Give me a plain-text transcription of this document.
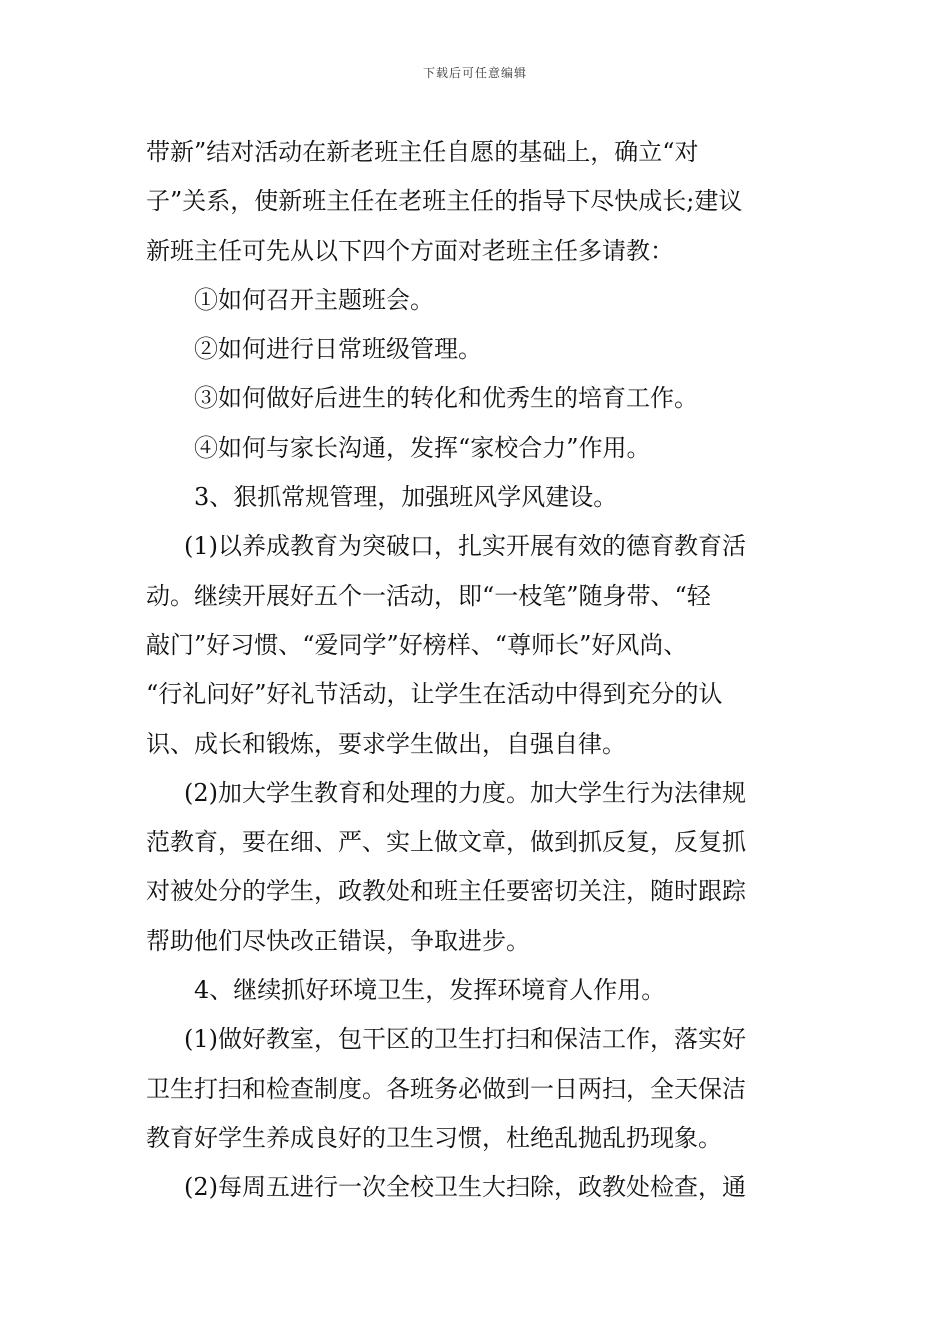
下载后可任意编辑
带新”结对活动在新老班主任自愿的基础上，确立“对
子”关系，使新班主任在老班主任的指导下尽快成长;建议
新班主任可先从以下四个方面对老班主任多请教：
①如何召开主题班会。
②如何进行日常班级管理。
③如何做好后进生的转化和优秀生的培育工作。
④如何与家长沟通，发挥“家校合力”作用。
3、狠抓常规管理，加强班风学风建设。
(1)以养成教育为突破口，扎实开展有效的德育教育活
动。继续开展好五个一活动，即“一枝笔”随身带、“轻
敲门”好习惯、“爱同学”好榜样、“尊师长”好风尚、
“行礼问好”好礼节活动，让学生在活动中得到充分的认
识、成长和锻炼，要求学生做出，自强自律。
(2)加大学生教育和处理的力度。加大学生行为法律规
范教育，要在细、严、实上做文章，做到抓反复，反复抓
对被处分的学生，政教处和班主任要密切关注，随时跟踪
帮助他们尽快改正错误，争取进步。
4、继续抓好环境卫生，发挥环境育人作用。
(1)做好教室，包干区的卫生打扫和保洁工作，落实好
卫生打扫和检查制度。各班务必做到一日两扫，全天保洁
教育好学生养成良好的卫生习惯，杜绝乱抛乱扔现象。
(2)每周五进行一次全校卫生大扫除，政教处检查，通
